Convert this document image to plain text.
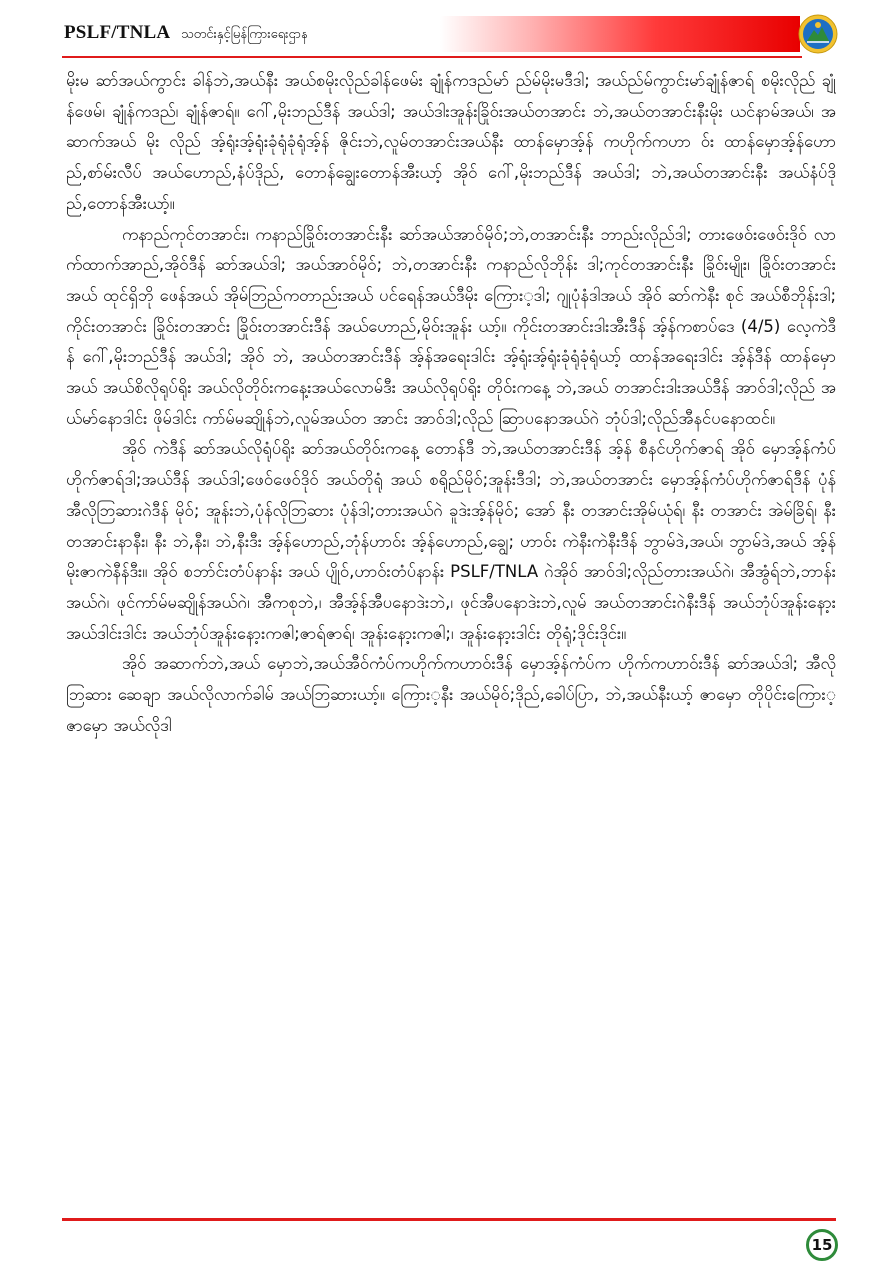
PSLF/TNLA သတင်းနှင့်မြန်ကြားရေးဌာန

မိုးမ ဆာ်အယ်ကွာင်း ခါန်ဘဲ,အယ်နီး အယ်စမိုးလိုည်ခါန်ဖေမ်း ချုံန်ကဒည်မာ် ည်မ်မိုးမဒီဒါ; အယ်ည်မ်ကွာင်းမာ်ချုံန်ဇာရ် စမိုးလိုည် ချုံန်ဖေမ်၊ ချုံန်ကဒည်၊ ချုံန်ဇာရ်။ ဂေါ်,မိုးဘည်ဒီန် အယ်ဒါ; အယ်ဒါးအူန်းခြိုဝ်းအယ်တအာင်း ဘဲ,အယ်တအာင်းနီးမိုး ယင်နာမ်အယ်၊ အဆာက်အယ် မိုး လိုည် အ့်ရုံးအ့်ရုံးခုံရုံခုံရုံအ့်န် ဇိုင်းဘဲ,လူမ်တအာင်းအယ်နီး ထာန်မှောအ့်န် ကဟိုက်ကဟာ ဝ်း ထာန်မှောအ့်န်ဟောည်,စာ်မ်းလီပ် အယ်ဟောည်,နံပ်ဒိုည်, တောန်ချွေးတောန်အီးယာ့် အိုဝ် ဂေါ်,မိုးဘည်ဒီန် အယ်ဒါ; ဘဲ,အယ်တအာင်းနီး အယ်နံပ်ဒိုည်,တောန်အီးယာ့်။

ကနာည်ကုင်တအာင်း၊ ကနာည်ခြိုဝ်းတအာင်းနီး ဆာ်အယ်အာဝ်မိုဝ်;ဘဲ,တအာင်းနီး ဘာည်းလိုည်ဒါ; တားဖေဝ်းဖေဝ်းဒိုဝ် လာက်ထာက်အာည်,အိုဝ်ဒီန် ဆာ်အယ်ဒါ; အယ်အာဝ်မိုဝ်; ဘဲ,တအာင်းနီး ကနာည်လိုဘိုန်း ဒါ;ကုင်တအာင်းနီး ခြိုဝ်းမျိုး၊ ခြိုဝ်းတအာင်းအယ် ထုင်ရှိဘို ဖေန်အယ် အိုမ်ဘြည်ကတာည်းအယ် ပင်ရေန်အယ်ဒီမိုး ကြေား့ဒါ; ဂျုပုံနံဒါအယ် အိုဝ် ဆာ်ကဲနီး စုင် အယ်စီဘိုန်းဒါ; ကိုင်းတအာင်း ခြိုဝ်းတအာင်း ခြိုဝ်းတအာင်းဒီန် အယ်ဟောည်,မိုဝ်းအူန်း ယာ့်။ ကိုင်းတအာင်းဒါးအီးဒီန် အ့်န်ကစာပ်ဒေ (4/5) လေ့ကဲဒီန် ဂေါ်,မိုးဘည်ဒီန် အယ်ဒါ; အိုဝ် ဘဲ, အယ်တအာင်းဒီန် အ့်န်အရေးဒါင်း အ့်ရုံးအ့်ရုံးခုံရုံခုံရုံယာ့် ထာန်အရေးဒါင်း အ့်န်ဒီန် ထာန်မှော အယ် အယ်စိလိုရုပ်ရိုး အယ်လိုတိုဝ်းကနေ့းအယ်လောမ်ဒီး အယ်လိုရုပ်ရိုး တိုဝ်းကနေ့ ဘဲ,အယ် တအာင်းဒါးအယ်ဒီန် အာဝ်ဒါ;လိုည် အယ်မာ်နောဒါင်း ဖိုမ်ဒါင်း ကာ်မ်မဆျိုန်ဘဲ,လူမ်အယ်တ အာင်း အာဝ်ဒါ;လိုည် ဆြာပနောအယ်ဂဲ ဘုံပ်ဒါ;လိုည်အီနင်ပနောထင်။

အိုဝ် ကဲဒီန် ဆာ်အယ်လိုရုံပ်ရိုး ဆာ်အယ်တိုဝ်းကနေ့ တောန်ဒီ ဘဲ,အယ်တအာင်းဒီန် အ့်န် စီနင်ဟိုက်ဇာရ် အိုဝ် မှောအ့်န်ကံပ်ဟိုက်ဇာရ်ဒါ;အယ်ဒီန် အယ်ဒါ;ဖေဝ်ဖေဝ်ဒိုဝ် အယ်တိုရုံ အယ် စရိုည်မိုဝ်;အူန်းဒီဒါ; ဘဲ,အယ်တအာင်း မှောအ့်န်ကံပ်ဟိုက်ဇာရ်ဒီန် ပုံန်အီလိုဘြဆားဂဲဒီန် မိုဝ်; အူန်းဘဲ,ပုံန်လိုဘြဆား ပုံန်ဒါ;တားအယ်ဂဲ ခူဒဲးအ့်န်မိုဝ်; အော် နီး တအာင်းအိုမ်ယုံရ်၊ နီး တအာင်း အဲမ်ခြိရ်၊ နီး တအာင်းနာနီး၊ နီး ဘဲ,နီး၊ ဘဲ,နီးဒီး အ့်န်ဟောည်,ဘုံန်ဟာဝ်း အ့်န်ဟောည်,ချွေ; ဟာဝ်း ကဲနီးကဲနီးဒီန် ဘွာမ်ဒဲ,အယ်၊ ဘွာမ်ဒဲ,အယ် အ့်န်မိုးဇာကဲနီန်ဒီး။ အိုဝ် စဘာ်င်းတံပ်နာန်း အယ် ပျိုဝ်,ဟာဝ်းတံပ်နာန်း PSLF/TNLA ဂဲအိုဝ် အာဝ်ဒါ;လိုည်တားအယ်ဂဲ၊ အီအွံရ်ဘဲ,ဘာန်း အယ်ဂဲ၊ ဖုင်ကာ်မ်မဆျိုန်အယ်ဂဲ၊ အီကစုဘဲ,၊ အီအ့်န်အီပနောဒဲးဘဲ,၊ ဖုင်အီပနောဒဲးဘဲ,လူမ် အယ်တအာင်းဂဲနီးဒီန် အယ်ဘုံပ်အူန်းနော့းအယ်ဒါင်းဒါင်း အယ်ဘုံပ်အူန်းနော့းကဇါ;ဇာရ်ဇာရ်၊ အူန်းနော့းကဇါ;၊ အူန်းနော့းဒါင်း တိုရုံ;ဒိုင်းဒိုင်း။

အိုဝ် အဆာက်ဘဲ,အယ် မှောဘဲ,အယ်အီဝ်ကံပ်ကဟိုက်ကဟာဝ်းဒီန် မှောအ့်န်ကံပ်က ဟိုက်ကဟာဝ်းဒီန် ဆာ်အယ်ဒါ; အီလိုဘြဆား ဆေချာ အယ်လိုလာက်ခါမ် အယ်ဘြဆားယာ့်။ ကြေား့နီး အယ်မိုဝ်;ဒိုည်,ခေါပ်ပြာ, ဘဲ,အယ်နီးယာ့် ဇာမှော တိုပိုင်းကြေား့ဇာမှော အယ်လိုဒါ

15
